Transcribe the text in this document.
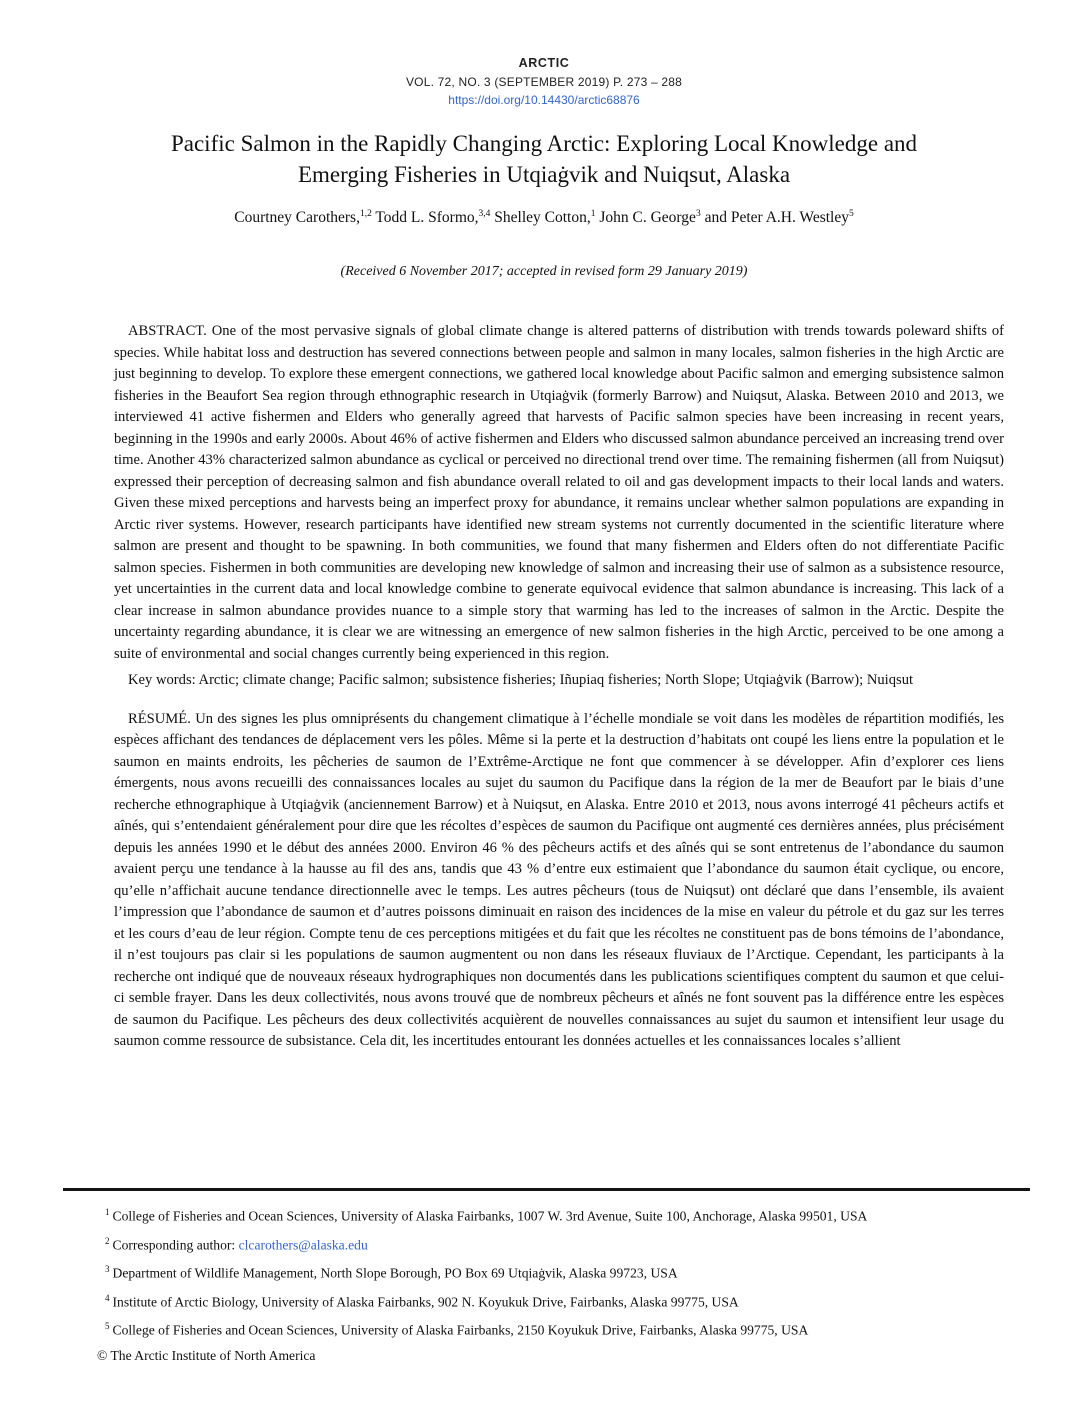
ARCTIC
VOL. 72, NO. 3 (SEPTEMBER 2019) P. 273 – 288
https://doi.org/10.14430/arctic68876
Pacific Salmon in the Rapidly Changing Arctic: Exploring Local Knowledge and
Emerging Fisheries in Utqiaġvik and Nuiqsut, Alaska
Courtney Carothers,$^{1,2}$ Todd L. Sformo,$^{3,4}$ Shelley Cotton,$^1$ John C. George$^3$ and Peter A.H. Westley$^5$
(Received 6 November 2017; accepted in revised form 29 January 2019)

ABSTRACT. One of the most pervasive signals of global climate change is altered patterns of distribution with trends towards poleward shifts of species. While habitat loss and destruction has severed connections between people and salmon in many locales, salmon fisheries in the high Arctic are just beginning to develop. To explore these emergent connections, we gathered local knowledge about Pacific salmon and emerging subsistence salmon fisheries in the Beaufort Sea region through ethnographic research in Utqiaġvik (formerly Barrow) and Nuiqsut, Alaska. Between 2010 and 2013, we interviewed 41 active fishermen and Elders who generally agreed that harvests of Pacific salmon species have been increasing in recent years, beginning in the 1990s and early 2000s. About 46% of active fishermen and Elders who discussed salmon abundance perceived an increasing trend over time. Another 43% characterized salmon abundance as cyclical or perceived no directional trend over time. The remaining fishermen (all from Nuiqsut) expressed their perception of decreasing salmon and fish abundance overall related to oil and gas development impacts to their local lands and waters. Given these mixed perceptions and harvests being an imperfect proxy for abundance, it remains unclear whether salmon populations are expanding in Arctic river systems. However, research participants have identified new stream systems not currently documented in the scientific literature where salmon are present and thought to be spawning. In both communities, we found that many fishermen and Elders often do not differentiate Pacific salmon species. Fishermen in both communities are developing new knowledge of salmon and increasing their use of salmon as a subsistence resource, yet uncertainties in the current data and local knowledge combine to generate equivocal evidence that salmon abundance is increasing. This lack of a clear increase in salmon abundance provides nuance to a simple story that warming has led to the increases of salmon in the Arctic. Despite the uncertainty regarding abundance, it is clear we are witnessing an emergence of new salmon fisheries in the high Arctic, perceived to be one among a suite of environmental and social changes currently being experienced in this region.

Key words: Arctic; climate change; Pacific salmon; subsistence fisheries; Iñupiaq fisheries; North Slope; Utqiaġvik (Barrow); Nuiqsut

RÉSUMÉ. Un des signes les plus omniprésents du changement climatique à l’échelle mondiale se voit dans les modèles de répartition modifiés, les espèces affichant des tendances de déplacement vers les pôles. Même si la perte et la destruction d’habitats ont coupé les liens entre la population et le saumon en maints endroits, les pêcheries de saumon de l’Extrême-Arctique ne font que commencer à se développer. Afin d’explorer ces liens émergents, nous avons recueilli des connaissances locales au sujet du saumon du Pacifique dans la région de la mer de Beaufort par le biais d’une recherche ethnographique à Utqiaġvik (anciennement Barrow) et à Nuiqsut, en Alaska. Entre 2010 et 2013, nous avons interrogé 41 pêcheurs actifs et aînés, qui s’entendaient généralement pour dire que les récoltes d’espèces de saumon du Pacifique ont augmenté ces dernières années, plus précisément depuis les années 1990 et le début des années 2000. Environ 46 % des pêcheurs actifs et des aînés qui se sont entretenus de l’abondance du saumon avaient perçu une tendance à la hausse au fil des ans, tandis que 43 % d’entre eux estimaient que l’abondance du saumon était cyclique, ou encore, qu’elle n’affichait aucune tendance directionnelle avec le temps. Les autres pêcheurs (tous de Nuiqsut) ont déclaré que dans l’ensemble, ils avaient l’impression que l’abondance de saumon et d’autres poissons diminuait en raison des incidences de la mise en valeur du pétrole et du gaz sur les terres et les cours d’eau de leur région. Compte tenu de ces perceptions mitigées et du fait que les récoltes ne constituent pas de bons témoins de l’abondance, il n’est toujours pas clair si les populations de saumon augmentent ou non dans les réseaux fluviaux de l’Arctique. Cependant, les participants à la recherche ont indiqué que de nouveaux réseaux hydrographiques non documentés dans les publications scientifiques comptent du saumon et que celui-ci semble frayer. Dans les deux collectivités, nous avons trouvé que de nombreux pêcheurs et aînés ne font souvent pas la différence entre les espèces de saumon du Pacifique. Les pêcheurs des deux collectivités acquièrent de nouvelles connaissances au sujet du saumon et intensifient leur usage du saumon comme ressource de subsistance. Cela dit, les incertitudes entourant les données actuelles et les connaissances locales s’allient

$^1$ College of Fisheries and Ocean Sciences, University of Alaska Fairbanks, 1007 W. 3rd Avenue, Suite 100, Anchorage, Alaska 99501, USA
$^2$ Corresponding author: clcarothers@alaska.edu
$^3$ Department of Wildlife Management, North Slope Borough, PO Box 69 Utqiaġvik, Alaska 99723, USA
$^4$ Institute of Arctic Biology, University of Alaska Fairbanks, 902 N. Koyukuk Drive, Fairbanks, Alaska 99775, USA
$^5$ College of Fisheries and Ocean Sciences, University of Alaska Fairbanks, 2150 Koyukuk Drive, Fairbanks, Alaska 99775, USA
© The Arctic Institute of North America
